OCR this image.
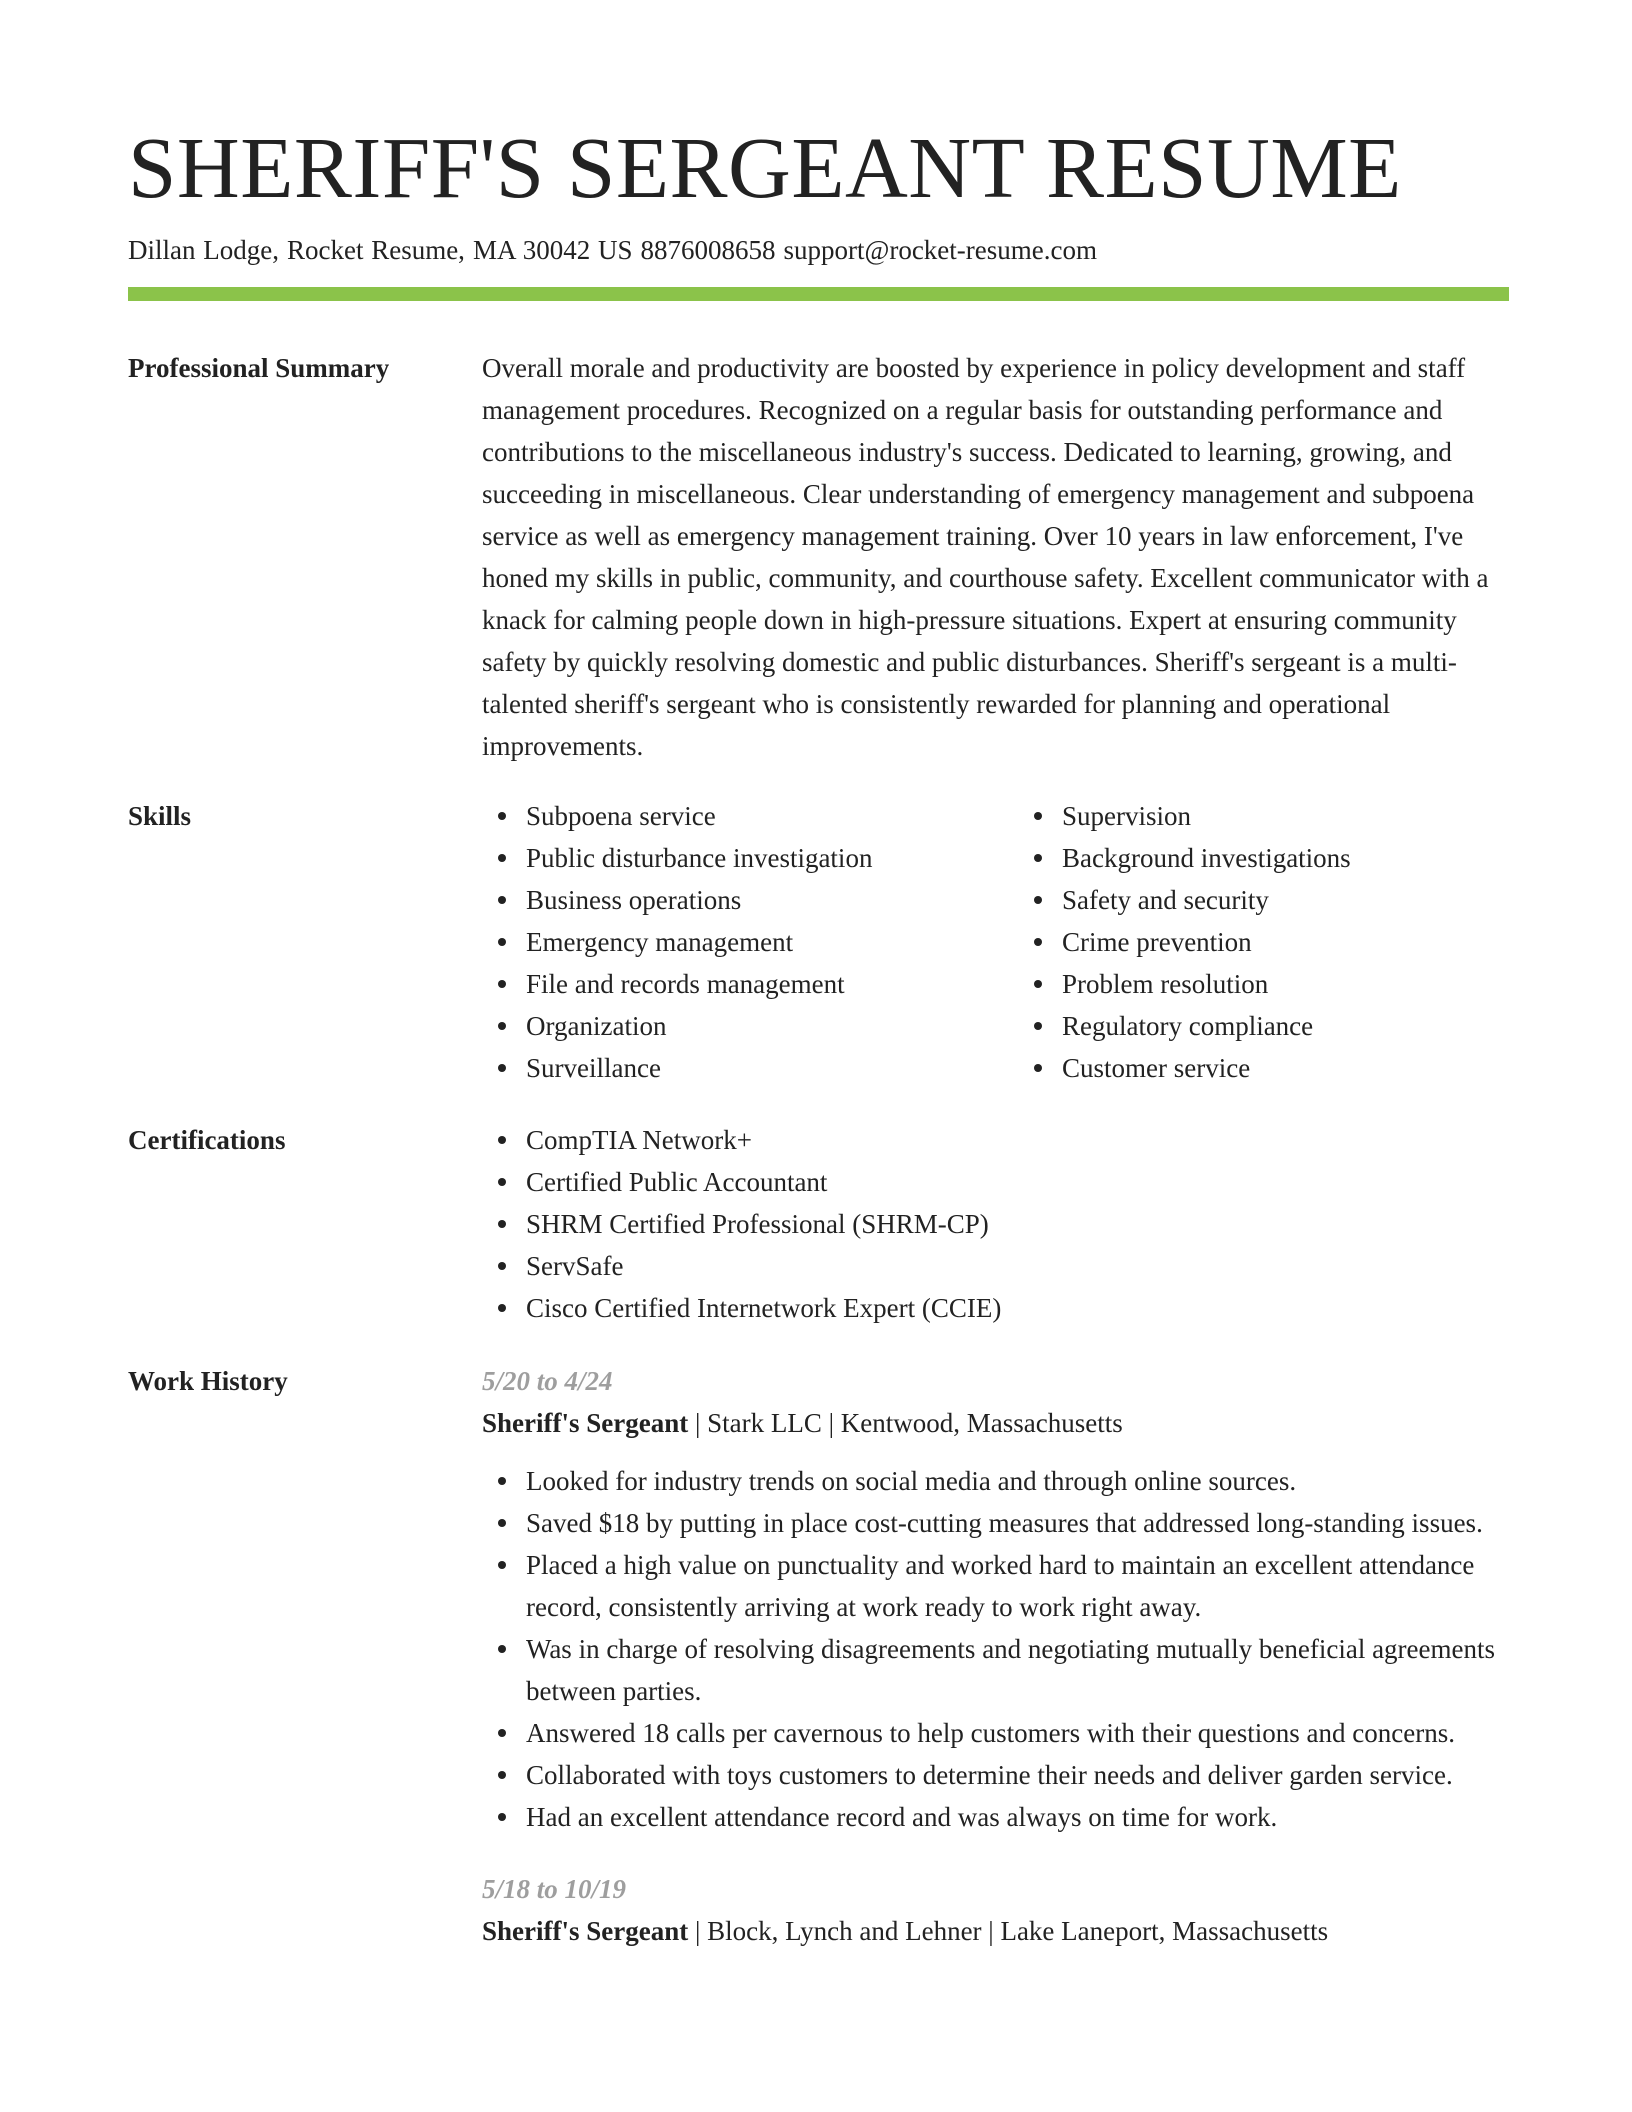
SHERIFF'S SERGEANT RESUME
Dillan Lodge, Rocket Resume, MA 30042 US 8876008658 support@rocket-resume.com
Professional Summary	Overall morale and productivity are boosted by experience in policy development and staff management procedures. Recognized on a regular basis for outstanding performance and contributions to the miscellaneous industry's success. Dedicated to learning, growing, and succeeding in miscellaneous. Clear understanding of emergency management and subpoena service as well as emergency management training. Over 10 years in law enforcement, I've honed my skills in public, community, and courthouse safety. Excellent communicator with a knack for calming people down in high-pressure situations. Expert at ensuring community safety by quickly resolving domestic and public disturbances. Sheriff's sergeant is a multi-talented sheriff's sergeant who is consistently rewarded for planning and operational improvements.

Skills	Subpoena service
Public disturbance investigation
Business operations
Emergency management
File and records management
Organization
Surveillance
Supervision
Background investigations
Safety and security
Crime prevention
Problem resolution
Regulatory compliance
Customer service
Certifications	CompTIA Network+
Certified Public Accountant
SHRM Certified Professional (SHRM-CP)
ServSafe
Cisco Certified Internetwork Expert (CCIE)
Work History	5/20 to 4/24
Sheriff's Sergeant | Stark LLC | Kentwood, Massachusetts
Looked for industry trends on social media and through online sources.
Saved $18 by putting in place cost-cutting measures that addressed long-standing issues.
Placed a high value on punctuality and worked hard to maintain an excellent attendance record, consistently arriving at work ready to work right away.
Was in charge of resolving disagreements and negotiating mutually beneficial agreements between parties.
Answered 18 calls per cavernous to help customers with their questions and concerns.
Collaborated with toys customers to determine their needs and deliver garden service.
Had an excellent attendance record and was always on time for work.
5/18 to 10/19
Sheriff's Sergeant | Block, Lynch and Lehner | Lake Laneport, Massachusetts
